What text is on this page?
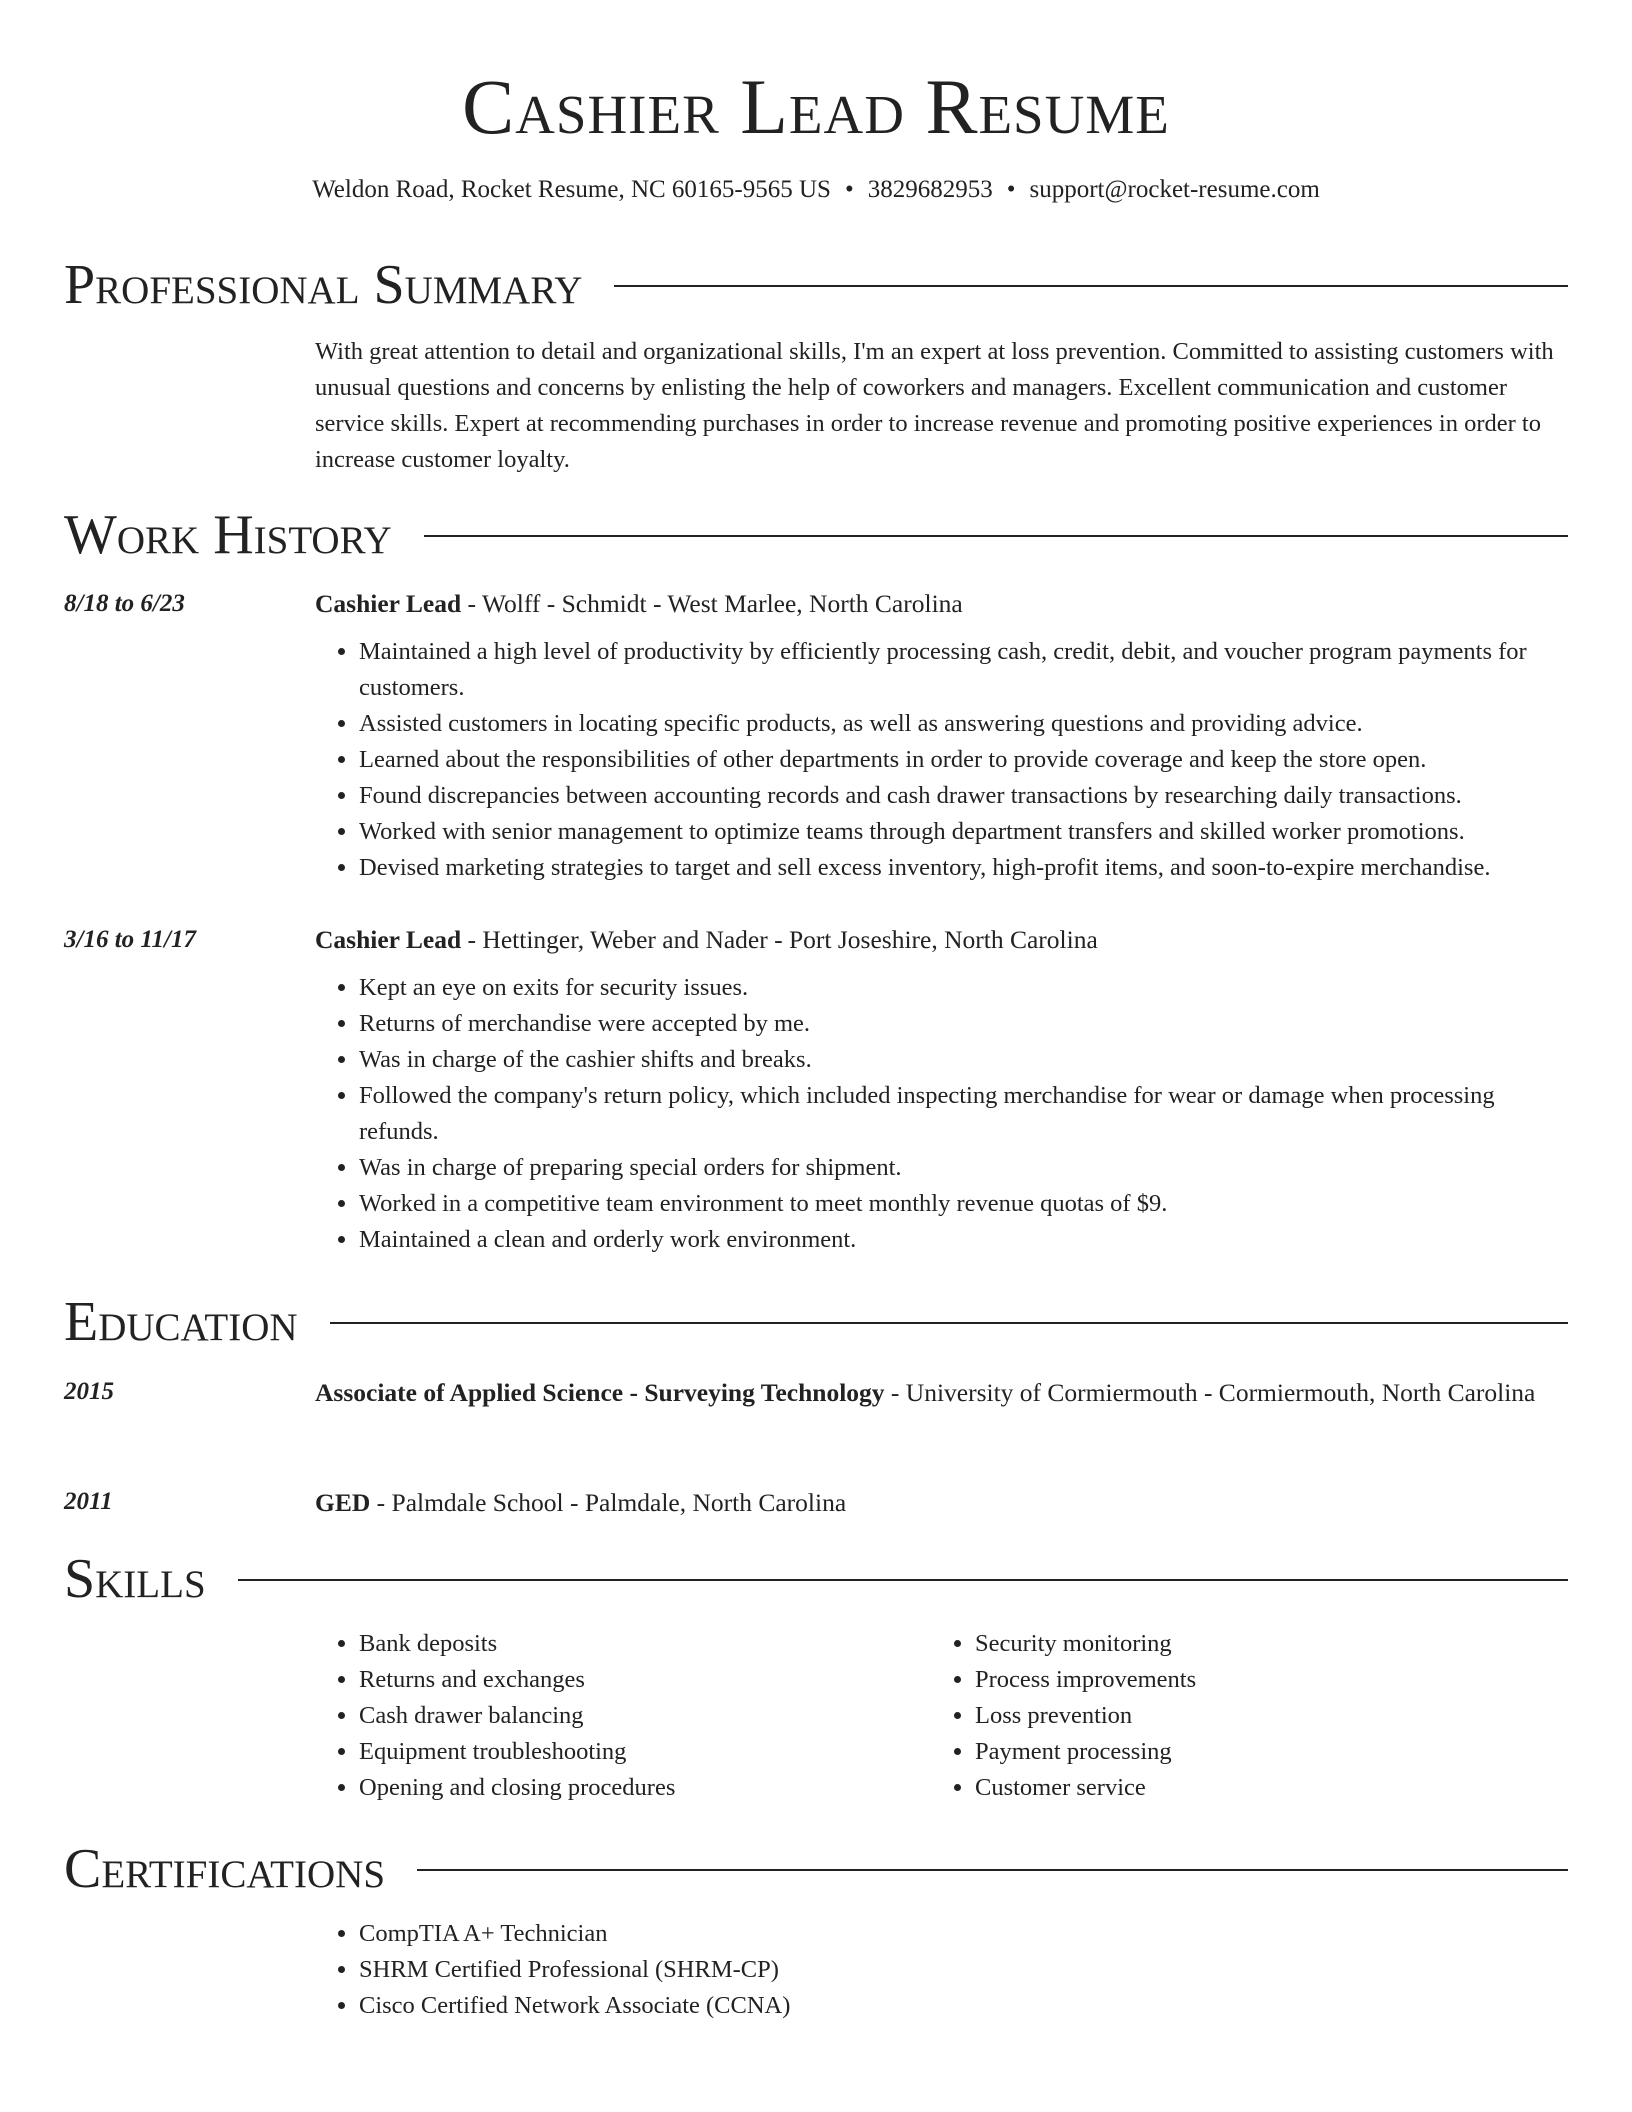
Cashier Lead Resume
Weldon Road, Rocket Resume, NC 60165-9565 US • 3829682953 • support@rocket-resume.com
Professional Summary

With great attention to detail and organizational skills, I'm an expert at loss prevention. Committed to assisting customers with unusual questions and concerns by enlisting the help of coworkers and managers. Excellent communication and customer service skills. Expert at recommending purchases in order to increase revenue and promoting positive experiences in order to increase customer loyalty.

Work History
8/18 to 6/23	Cashier Lead - Wolff - Schmidt - West Marlee, North Carolina

• Maintained a high level of productivity by efficiently processing cash, credit, debit, and voucher program payments for customers.
• Assisted customers in locating specific products, as well as answering questions and providing advice.
• Learned about the responsibilities of other departments in order to provide coverage and keep the store open.
• Found discrepancies between accounting records and cash drawer transactions by researching daily transactions.
• Worked with senior management to optimize teams through department transfers and skilled worker promotions.
• Devised marketing strategies to target and sell excess inventory, high-profit items, and soon-to-expire merchandise.
3/16 to 11/17	Cashier Lead - Hettinger, Weber and Nader - Port Joseshire, North Carolina

• Kept an eye on exits for security issues.
• Returns of merchandise were accepted by me.
• Was in charge of the cashier shifts and breaks.
• Followed the company's return policy, which included inspecting merchandise for wear or damage when processing refunds.
• Was in charge of preparing special orders for shipment.
• Worked in a competitive team environment to meet monthly revenue quotas of $9.
• Maintained a clean and orderly work environment.
Education
2015	Associate of Applied Science - Surveying Technology - University of Cormiermouth - Cormiermouth, North Carolina

2011	GED - Palmdale School - Palmdale, North Carolina

Skills
• Bank deposits
• Returns and exchanges
• Cash drawer balancing
• Equipment troubleshooting
• Opening and closing procedures
• Security monitoring
• Process improvements
• Loss prevention
• Payment processing
• Customer service
Certifications
• CompTIA A+ Technician
• SHRM Certified Professional (SHRM-CP)
• Cisco Certified Network Associate (CCNA)
